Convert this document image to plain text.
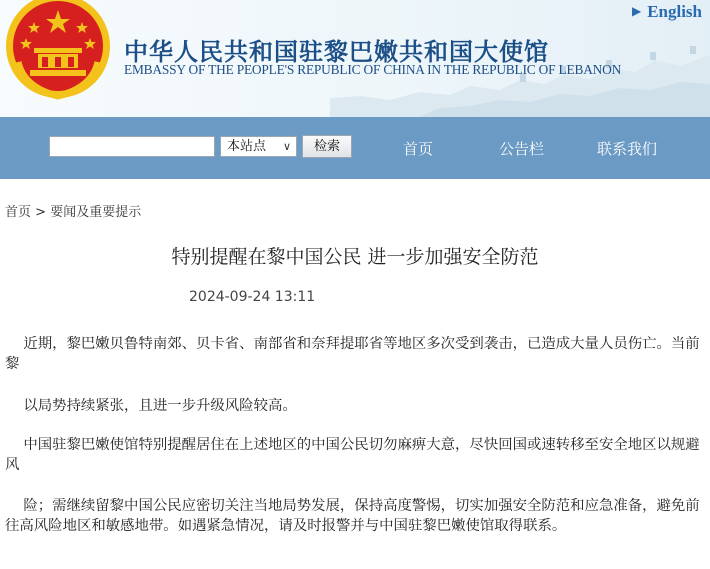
中华人民共和国驻黎巴嫩共和国大使馆
EMBASSY OF THE PEOPLE'S REPUBLIC OF CHINA IN THE REPUBLIC OF LEBANON
▶ English
本站点 ∨	检索	首页	公告栏	联系我们
首页 > 要闻及重要提示
特别提醒在黎中国公民 进一步加强安全防范
2024-09-24 13:11

近期，黎巴嫩贝鲁特南郊、贝卡省、南部省和奈拜提耶省等地区多次受到袭击，已造成大量人员伤亡。当前黎

以局势持续紧张，且进一步升级风险较高。

中国驻黎巴嫩使馆特别提醒居住在上述地区的中国公民切勿麻痹大意，尽快回国或速转移至安全地区以规避风

险；需继续留黎中国公民应密切关注当地局势发展，保持高度警惕，切实加强安全防范和应急准备，避免前往高风险地区和敏感地带。如遇紧急情况，请及时报警并与中国驻黎巴嫩使馆取得联系。
